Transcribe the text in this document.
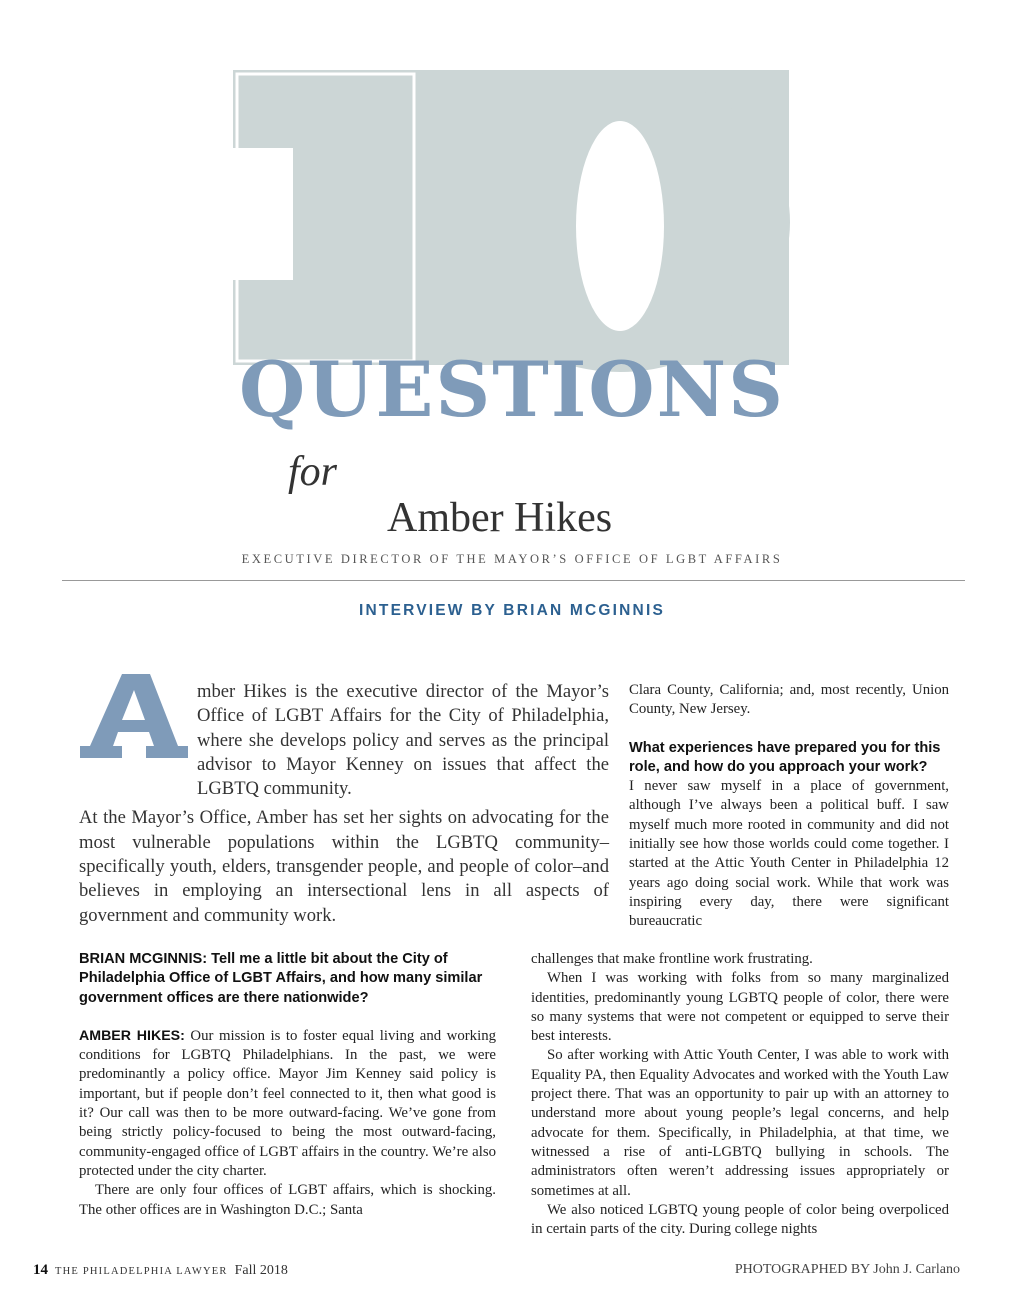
QUESTIONS
for
Amber Hikes
EXECUTIVE DIRECTOR OF THE MAYOR’S OFFICE OF LGBT AFFAIRS
INTERVIEW BY BRIAN MCGINNIS

mber Hikes is the executive director of the Mayor’s Office of LGBT Affairs for the City of Philadelphia, where she develops policy and serves as the principal advisor to Mayor Kenney on issues that affect the LGBTQ community.

At the Mayor’s Office, Amber has set her sights on advocating for the most vulnerable populations within the LGBTQ community–specifically youth, elders, transgender people, and people of color–and believes in employing an intersectional lens in all aspects of government and community work.

BRIAN MCGINNIS: Tell me a little bit about the City of Philadelphia Office of LGBT Affairs, and how many similar government offices are there nationwide?

AMBER HIKES: Our mission is to foster equal living and working conditions for LGBTQ Philadelphians. In the past, we were predominantly a policy office. Mayor Jim Kenney said policy is important, but if people don’t feel connected to it, then what good is it? Our call was then to be more outward-facing. We’ve gone from being strictly policy-focused to being the most outward-facing, community-engaged office of LGBT affairs in the country. We’re also protected under the city charter.

There are only four offices of LGBT affairs, which is shocking. The other offices are in Washington D.C.; Santa

Clara County, California; and, most recently, Union County, New Jersey.

What experiences have prepared you for this role, and how do you approach your work?

I never saw myself in a place of government, although I’ve always been a political buff. I saw myself much more rooted in community and did not initially see how those worlds could come together. I started at the Attic Youth Center in Philadelphia 12 years ago doing social work. While that work was inspiring every day, there were significant bureaucratic

challenges that make frontline work frustrating.

When I was working with folks from so many marginalized identities, predominantly young LGBTQ people of color, there were so many systems that were not competent or equipped to serve their best interests.

So after working with Attic Youth Center, I was able to work with Equality PA, then Equality Advocates and worked with the Youth Law project there. That was an opportunity to pair up with an attorney to understand more about young people’s legal concerns, and help advocate for them. Specifically, in Philadelphia, at that time, we witnessed a rise of anti-LGBTQ bullying in schools. The administrators often weren’t addressing issues appropriately or sometimes at all.

We also noticed LGBTQ young people of color being overpoliced in certain parts of the city. During college nights

14 THE PHILADELPHIA LAWYER Fall 2018	PHOTOGRAPHED BY John J. Carlano
